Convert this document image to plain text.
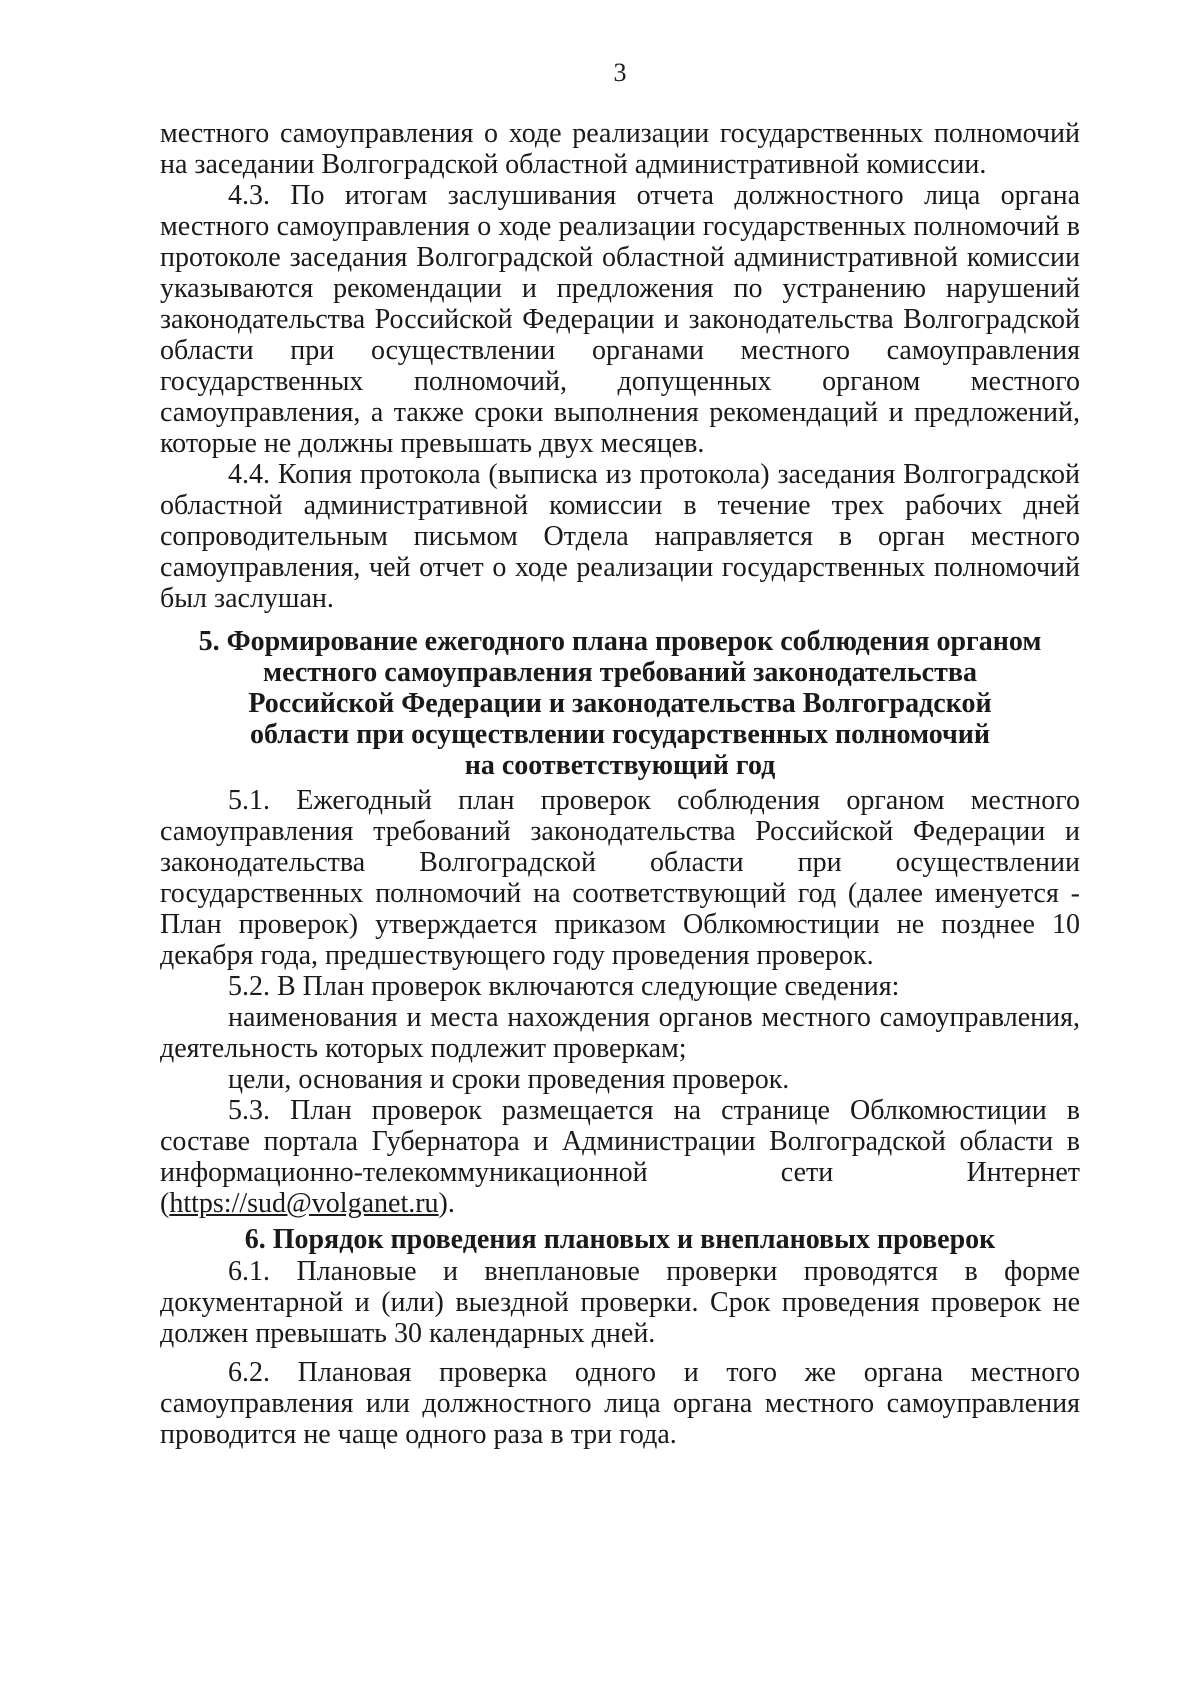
3

местного самоуправления о ходе реализации государственных полномочий на заседании Волгоградской областной административной комиссии.

4.3. По итогам заслушивания отчета должностного лица органа местного самоуправления о ходе реализации государственных полномочий в протоколе заседания Волгоградской областной административной комиссии указываются рекомендации и предложения по устранению нарушений законодательства Российской Федерации и законодательства Волгоградской области при осуществлении органами местного самоуправления государственных полномочий, допущенных органом местного самоуправления, а также сроки выполнения рекомендаций и предложений, которые не должны превышать двух месяцев.

4.4. Копия протокола (выписка из протокола) заседания Волгоградской областной административной комиссии в течение трех рабочих дней сопроводительным письмом Отдела направляется в орган местного самоуправления, чей отчет о ходе реализации государственных полномочий был заслушан.

5. Формирование ежегодного плана проверок соблюдения органом
местного самоуправления требований законодательства
Российской Федерации и законодательства Волгоградской
области при осуществлении государственных полномочий
на соответствующий год

5.1. Ежегодный план проверок соблюдения органом местного самоуправления требований законодательства Российской Федерации и законодательства Волгоградской области при осуществлении государственных полномочий на соответствующий год (далее именуется - План проверок) утверждается приказом Облкомюстиции не позднее 10 декабря года, предшествующего году проведения проверок.

5.2. В План проверок включаются следующие сведения:

наименования и места нахождения органов местного самоуправления, деятельность которых подлежит проверкам;

цели, основания и сроки проведения проверок.

5.3. План проверок размещается на странице Облкомюстиции в составе портала Губернатора и Администрации Волгоградской области в информационно-телекоммуникационной сети Интернет (https://sud@volganet.ru).

6. Порядок проведения плановых и внеплановых проверок

6.1. Плановые и внеплановые проверки проводятся в форме документарной и (или) выездной проверки. Срок проведения проверок не должен превышать 30 календарных дней.

6.2. Плановая проверка одного и того же органа местного самоуправления или должностного лица органа местного самоуправления проводится не чаще одного раза в три года.
